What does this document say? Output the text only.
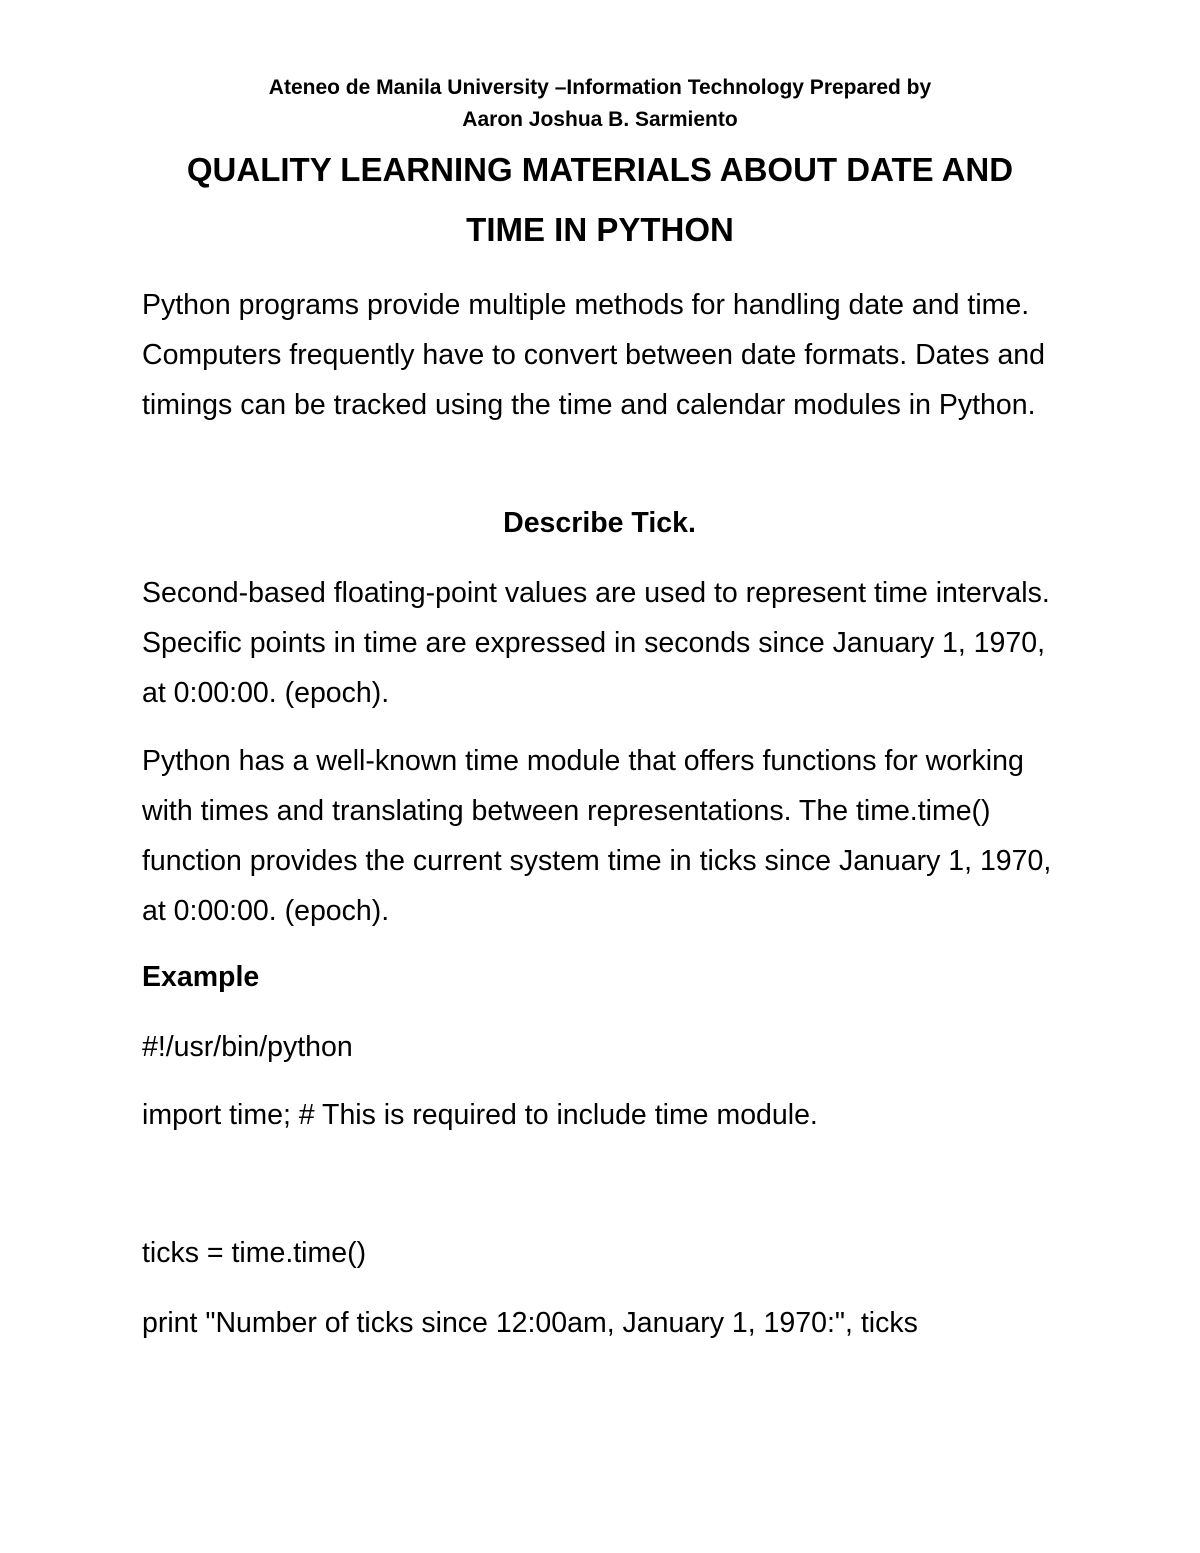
Ateneo de Manila University –Information Technology Prepared by
Aaron Joshua B. Sarmiento
QUALITY LEARNING MATERIALS ABOUT DATE AND
TIME IN PYTHON

Python programs provide multiple methods for handling date and time. Computers frequently have to convert between date formats. Dates and timings can be tracked using the time and calendar modules in Python.

Describe Tick.

Second-based floating-point values are used to represent time intervals. Specific points in time are expressed in seconds since January 1, 1970, at 0:00:00. (epoch).

Python has a well-known time module that offers functions for working with times and translating between representations. The time.time() function provides the current system time in ticks since January 1, 1970, at 0:00:00. (epoch).

Example
#!/usr/bin/python
import time; # This is required to include time module.
ticks = time.time()
print "Number of ticks since 12:00am, January 1, 1970:", ticks
